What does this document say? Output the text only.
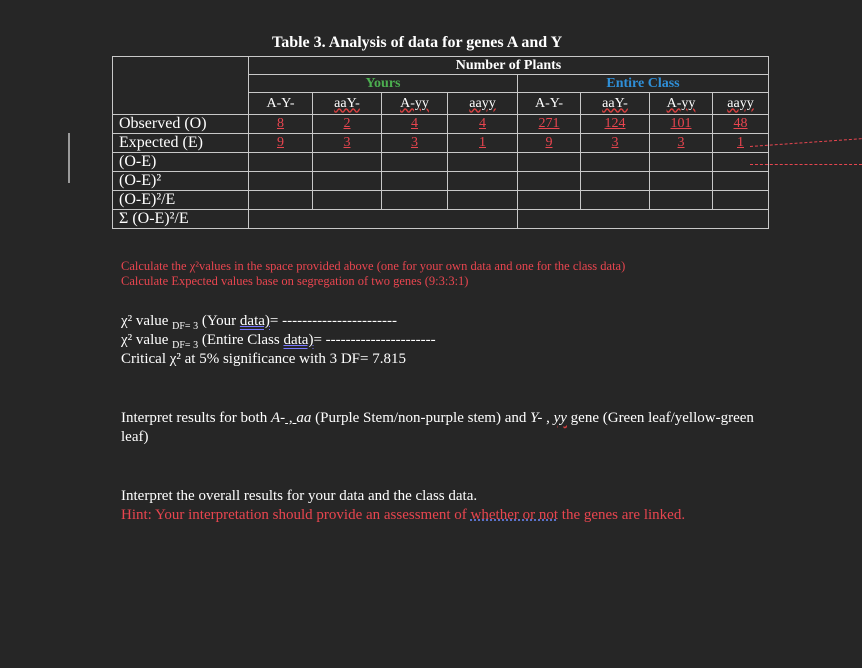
Table 3. Analysis of data for genes A and Y
	Number of Plants							
	Yours				Entire Class			
	A-Y-	aaY-	A-yy	aayy	A-Y-	aaY-	A-yy	aayy
Observed (O)	8	2	4	4	271	124	101	48
Expected (E)	9	3	3	1	9	3	3	1
(O-E)								
(O-E)²								
(O-E)²/E								
Σ (O-E)²/E								
Calculate the χ²values in the space provided above (one for your own data and one for the class data)
Calculate Expected values base on segregation of two genes (9:3:3:1)
χ² value $_{DF= 3}$ (Your data)= -----------------------
χ² value $_{DF= 3}$ (Entire Class data)= ----------------------
Critical χ² at 5% significance with 3 DF= 7.815
Interpret results for both A- , aa (Purple Stem/non-purple stem) and Y- , yy gene (Green leaf/yellow-green leaf)
Interpret the overall results for your data and the class data.
Hint: Your interpretation should provide an assessment of whether or not the genes are linked.
